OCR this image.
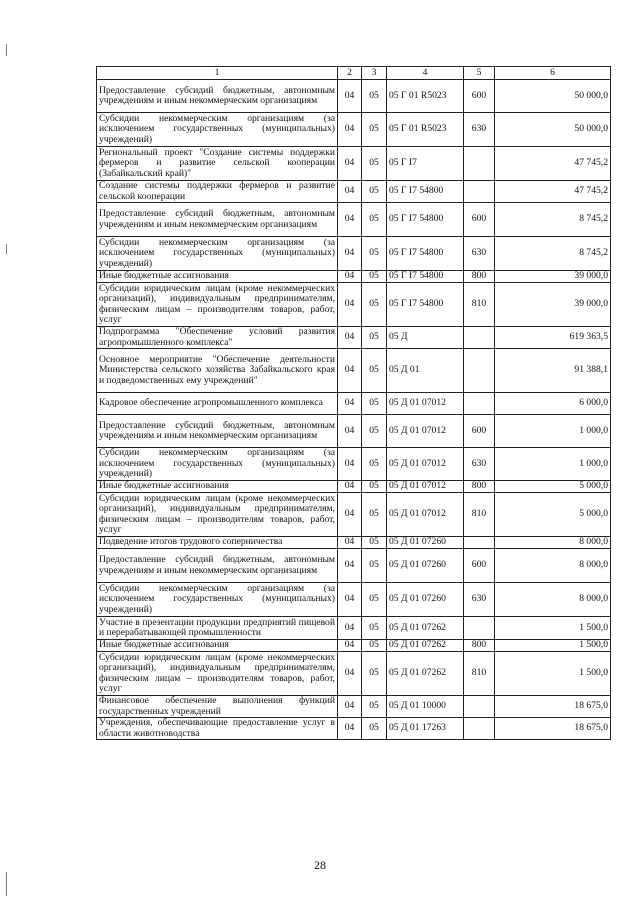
1	2	3	4	5	6
Предоставление субсидий бюджетным, автономным учреждениям и иным некоммерческим организациям	04	05	05 Г 01 R5023	600	50 000,0
Субсидии некоммерческим организациям (за исключением государственных (муниципальных) учреждений)	04	05	05 Г 01 R5023	630	50 000,0
Региональный проект "Создание системы поддержки фермеров и развитие сельской кооперации (Забайкальский край)"	04	05	05 Г I7		47 745,2
Создание системы поддержки фермеров и развитие сельской кооперации	04	05	05 Г I7 54800		47 745,2
Предоставление субсидий бюджетным, автономным учреждениям и иным некоммерческим организациям	04	05	05 Г I7 54800	600	8 745,2
Субсидии некоммерческим организациям (за исключением государственных (муниципальных) учреждений)	04	05	05 Г I7 54800	630	8 745,2
Иные бюджетные ассигнования	04	05	05 Г I7 54800	800	39 000,0
Субсидии юридическим лицам (кроме некоммерческих организаций), индивидуальным предпринимателям, физическим лицам – производителям товаров, работ, услуг	04	05	05 Г I7 54800	810	39 000,0
Подпрограмма "Обеспечение условий развития агропромышленного комплекса"	04	05	05 Д		619 363,5
Основное мероприятие "Обеспечение деятельности Министерства сельского хозяйства Забайкальского края и подведомственных ему учреждений"	04	05	05 Д 01		91 388,1
Кадровое обеспечение агропромышленного комплекса	04	05	05 Д 01 07012		6 000,0
Предоставление субсидий бюджетным, автономным учреждениям и иным некоммерческим организациям	04	05	05 Д 01 07012	600	1 000,0
Субсидии некоммерческим организациям (за исключением государственных (муниципальных) учреждений)	04	05	05 Д 01 07012	630	1 000,0
Иные бюджетные ассигнования	04	05	05 Д 01 07012	800	5 000,0
Субсидии юридическим лицам (кроме некоммерческих организаций), индивидуальным предпринимателям, физическим лицам – производителям товаров, работ, услуг	04	05	05 Д 01 07012	810	5 000,0
Подведение итогов трудового соперничества	04	05	05 Д 01 07260		8 000,0
Предоставление субсидий бюджетным, автономным учреждениям и иным некоммерческим организациям	04	05	05 Д 01 07260	600	8 000,0
Субсидии некоммерческим организациям (за исключением государственных (муниципальных) учреждений)	04	05	05 Д 01 07260	630	8 000,0
Участие в презентации продукции предприятий пищевой и перерабатывающей промышленности	04	05	05 Д 01 07262		1 500,0
Иные бюджетные ассигнования	04	05	05 Д 01 07262	800	1 500,0
Субсидии юридическим лицам (кроме некоммерческих организаций), индивидуальным предпринимателям, физическим лицам – производителям товаров, работ, услуг	04	05	05 Д 01 07262	810	1 500,0
Финансовое обеспечение выполнения функций государственных учреждений	04	05	05 Д 01 10000		18 675,0
Учреждения, обеспечивающие предоставление услуг в области животноводства	04	05	05 Д 01 17263		18 675,0
28
